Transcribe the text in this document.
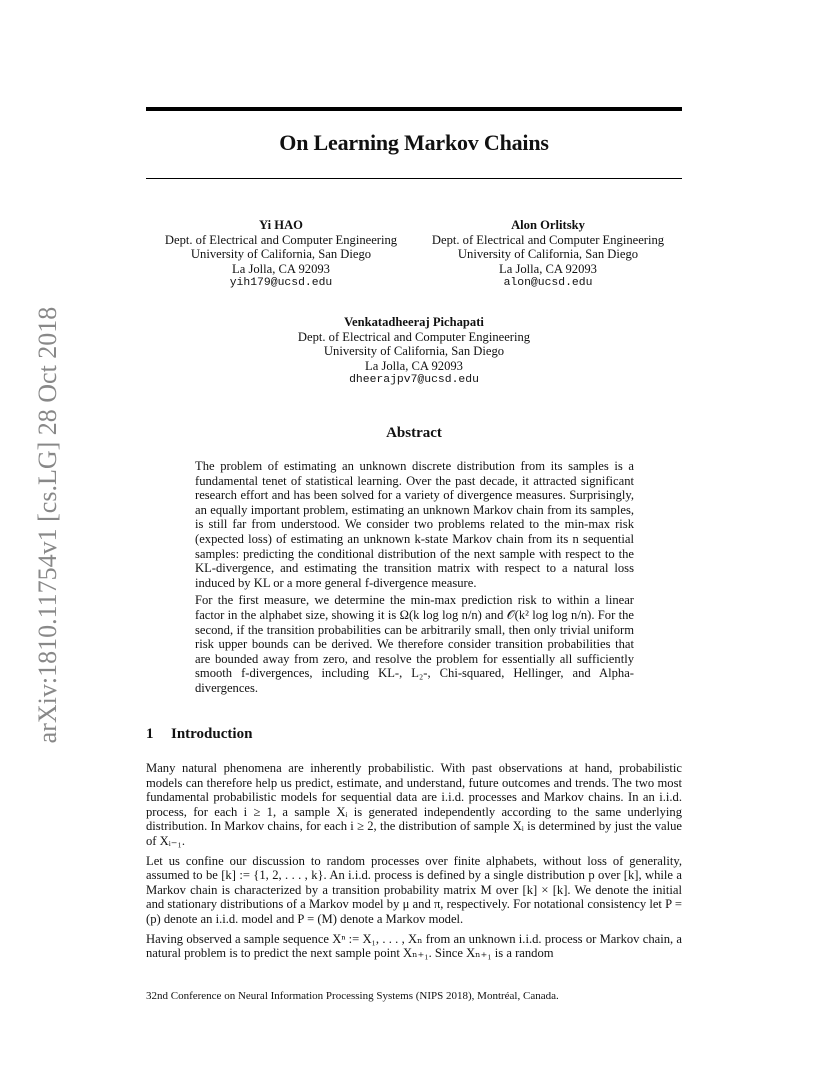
arXiv:1810.11754v1 [cs.LG] 28 Oct 2018
On Learning Markov Chains
Yi HAO
Dept. of Electrical and Computer Engineering
University of California, San Diego
La Jolla, CA 92093
yih179@ucsd.edu
Alon Orlitsky
Dept. of Electrical and Computer Engineering
University of California, San Diego
La Jolla, CA 92093
alon@ucsd.edu
Venkatadheeraj Pichapati
Dept. of Electrical and Computer Engineering
University of California, San Diego
La Jolla, CA 92093
dheerajpv7@ucsd.edu
Abstract

The problem of estimating an unknown discrete distribution from its samples is a fundamental tenet of statistical learning. Over the past decade, it attracted significant research effort and has been solved for a variety of divergence measures. Surprisingly, an equally important problem, estimating an unknown Markov chain from its samples, is still far from understood. We consider two problems related to the min-max risk (expected loss) of estimating an unknown k-state Markov chain from its n sequential samples: predicting the conditional distribution of the next sample with respect to the KL-divergence, and estimating the transition matrix with respect to a natural loss induced by KL or a more general f-divergence measure.

For the first measure, we determine the min-max prediction risk to within a linear factor in the alphabet size, showing it is Ω(k log log n/n) and 𝒪(k² log log n/n). For the second, if the transition probabilities can be arbitrarily small, then only trivial uniform risk upper bounds can be derived. We therefore consider transition probabilities that are bounded away from zero, and resolve the problem for essentially all sufficiently smooth f-divergences, including KL-, L₂-, Chi-squared, Hellinger, and Alpha-divergences.

1 Introduction

Many natural phenomena are inherently probabilistic. With past observations at hand, probabilistic models can therefore help us predict, estimate, and understand, future outcomes and trends. The two most fundamental probabilistic models for sequential data are i.i.d. processes and Markov chains. In an i.i.d. process, for each i ≥ 1, a sample Xᵢ is generated independently according to the same underlying distribution. In Markov chains, for each i ≥ 2, the distribution of sample Xᵢ is determined by just the value of Xᵢ₋₁.

Let us confine our discussion to random processes over finite alphabets, without loss of generality, assumed to be [k] := {1, 2, . . . , k}. An i.i.d. process is defined by a single distribution p over [k], while a Markov chain is characterized by a transition probability matrix M over [k] × [k]. We denote the initial and stationary distributions of a Markov model by μ and π, respectively. For notational consistency let P = (p) denote an i.i.d. model and P = (M) denote a Markov model.

Having observed a sample sequence Xⁿ := X₁, . . . , Xₙ from an unknown i.i.d. process or Markov chain, a natural problem is to predict the next sample point Xₙ₊₁. Since Xₙ₊₁ is a random

32nd Conference on Neural Information Processing Systems (NIPS 2018), Montréal, Canada.
